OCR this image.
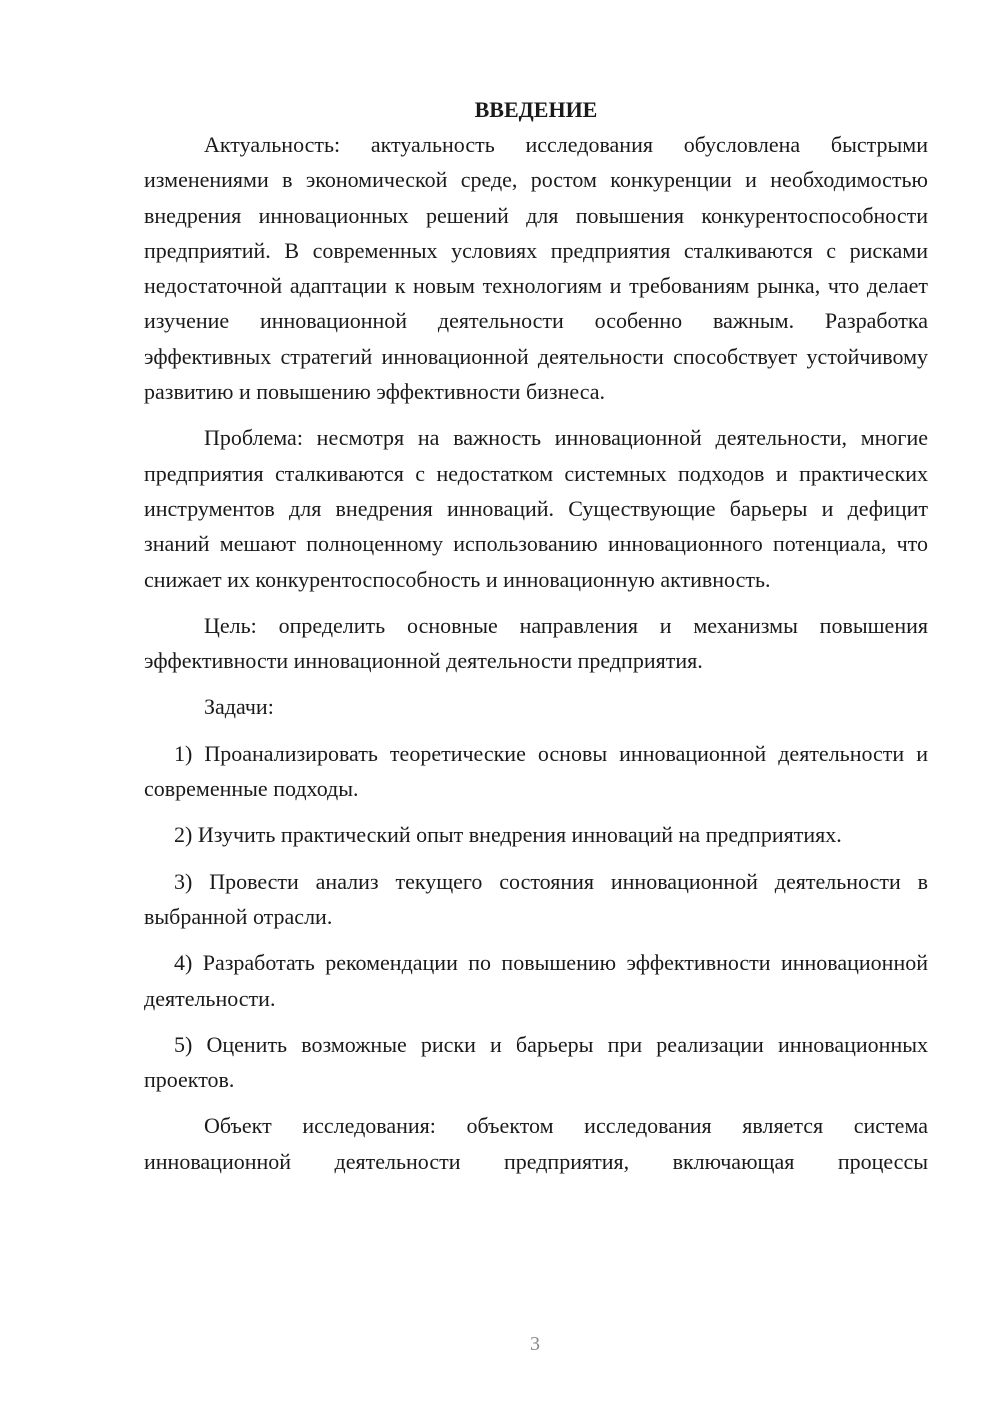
ВВЕДЕНИЕ

Актуальность: актуальность исследования обусловлена быстрыми изменениями в экономической среде, ростом конкуренции и необходимостью внедрения инновационных решений для повышения конкурентоспособности предприятий. В современных условиях предприятия сталкиваются с рисками недостаточной адаптации к новым технологиям и требованиям рынка, что делает изучение инновационной деятельности особенно важным. Разработка эффективных стратегий инновационной деятельности способствует устойчивому развитию и повышению эффективности бизнеса.

Проблема: несмотря на важность инновационной деятельности, многие предприятия сталкиваются с недостатком системных подходов и практических инструментов для внедрения инноваций. Существующие барьеры и дефицит знаний мешают полноценному использованию инновационного потенциала, что снижает их конкурентоспособность и инновационную активность.

Цель: определить основные направления и механизмы повышения эффективности инновационной деятельности предприятия.

Задачи:

1) Проанализировать теоретические основы инновационной деятельности и современные подходы.

2) Изучить практический опыт внедрения инноваций на предприятиях.

3) Провести анализ текущего состояния инновационной деятельности в выбранной отрасли.

4) Разработать рекомендации по повышению эффективности инновационной деятельности.

5) Оценить возможные риски и барьеры при реализации инновационных проектов.

Объект исследования: объектом исследования является система инновационной деятельности предприятия, включающая процессы

3
